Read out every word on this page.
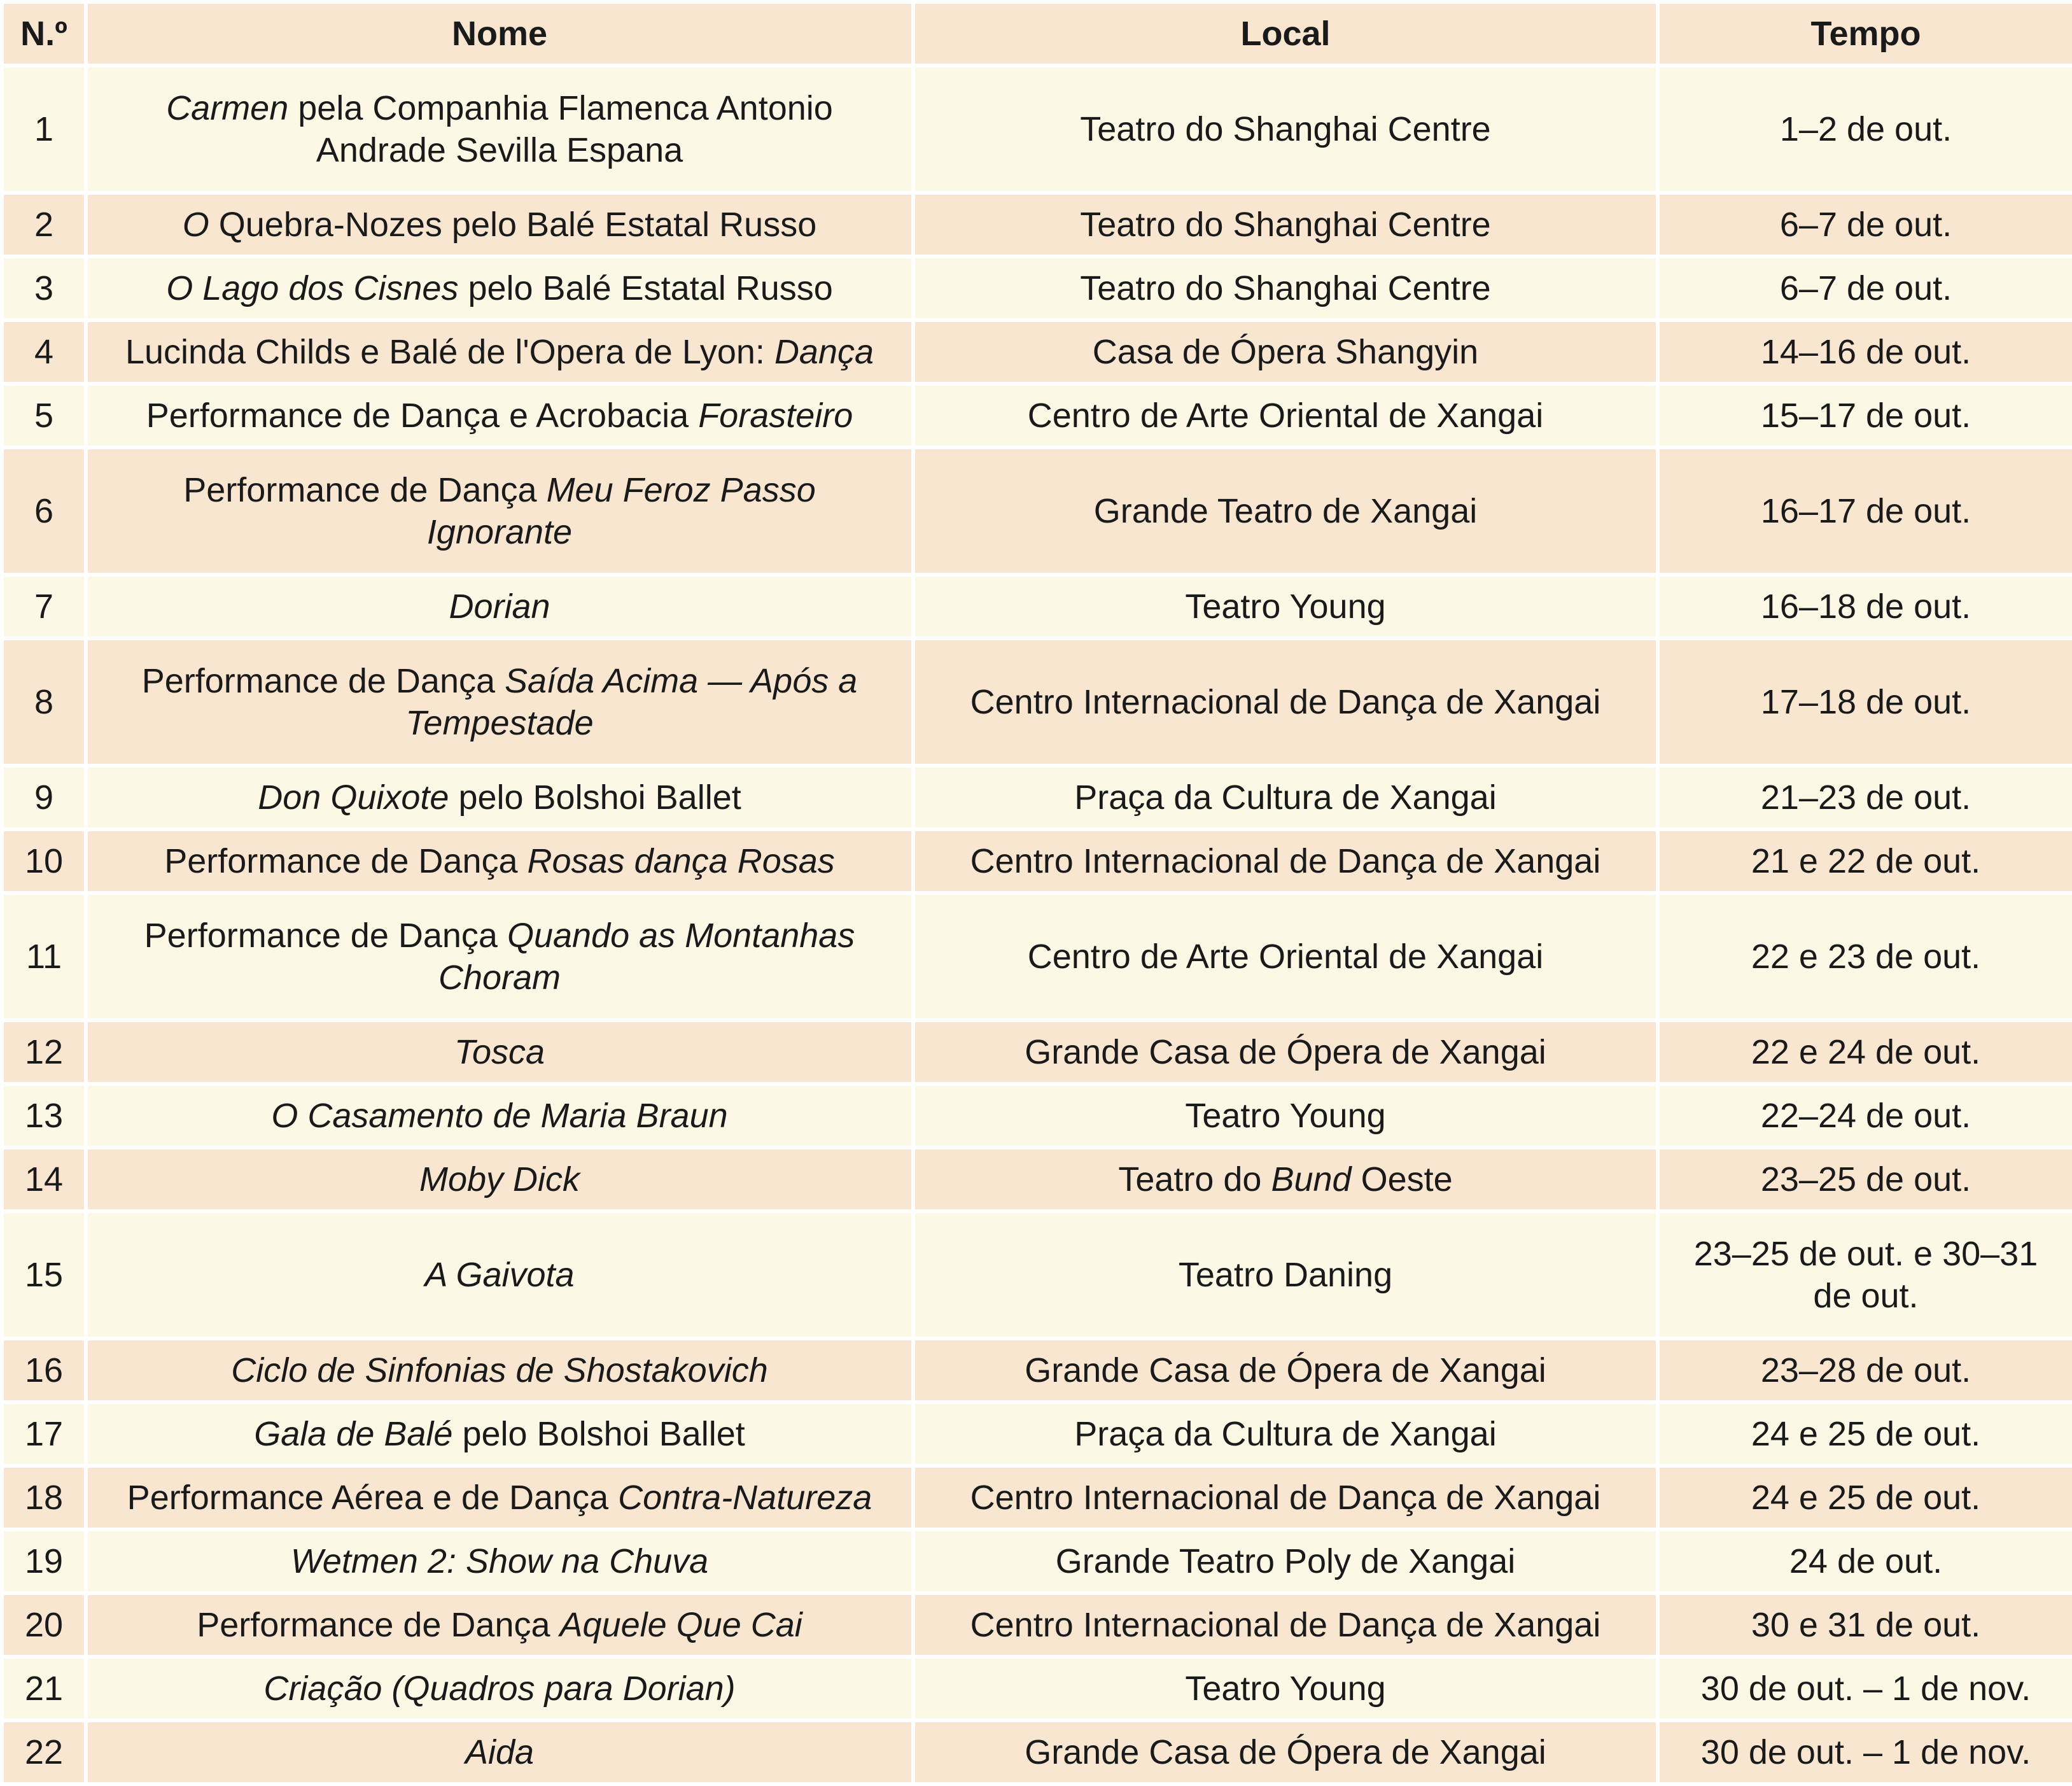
N.º	Nome	Local	Tempo
1	Carmen pela Companhia Flamenca Antonio Andrade Sevilla Espana	Teatro do Shanghai Centre	1–2 de out.
2	O Quebra-Nozes pelo Balé Estatal Russo	Teatro do Shanghai Centre	6–7 de out.
3	O Lago dos Cisnes pelo Balé Estatal Russo	Teatro do Shanghai Centre	6–7 de out.
4	Lucinda Childs e Balé de l'Opera de Lyon: Dança	Casa de Ópera Shangyin	14–16 de out.
5	Performance de Dança e Acrobacia Forasteiro	Centro de Arte Oriental de Xangai	15–17 de out.
6	Performance de Dança Meu Feroz Passo Ignorante	Grande Teatro de Xangai	16–17 de out.
7	Dorian	Teatro Young	16–18 de out.
8	Performance de Dança Saída Acima — Após a Tempestade	Centro Internacional de Dança de Xangai	17–18 de out.
9	Don Quixote pelo Bolshoi Ballet	Praça da Cultura de Xangai	21–23 de out.
10	Performance de Dança Rosas dança Rosas	Centro Internacional de Dança de Xangai	21 e 22 de out.
11	Performance de Dança Quando as Montanhas Choram	Centro de Arte Oriental de Xangai	22 e 23 de out.
12	Tosca	Grande Casa de Ópera de Xangai	22 e 24 de out.
13	O Casamento de Maria Braun	Teatro Young	22–24 de out.
14	Moby Dick	Teatro do Bund Oeste	23–25 de out.
15	A Gaivota	Teatro Daning	23–25 de out. e 30–31 de out.
16	Ciclo de Sinfonias de Shostakovich	Grande Casa de Ópera de Xangai	23–28 de out.
17	Gala de Balé pelo Bolshoi Ballet	Praça da Cultura de Xangai	24 e 25 de out.
18	Performance Aérea e de Dança Contra-Natureza	Centro Internacional de Dança de Xangai	24 e 25 de out.
19	Wetmen 2: Show na Chuva	Grande Teatro Poly de Xangai	24 de out.
20	Performance de Dança Aquele Que Cai	Centro Internacional de Dança de Xangai	30 e 31 de out.
21	Criação (Quadros para Dorian)	Teatro Young	30 de out. – 1 de nov.
22	Aida	Grande Casa de Ópera de Xangai	30 de out. – 1 de nov.
